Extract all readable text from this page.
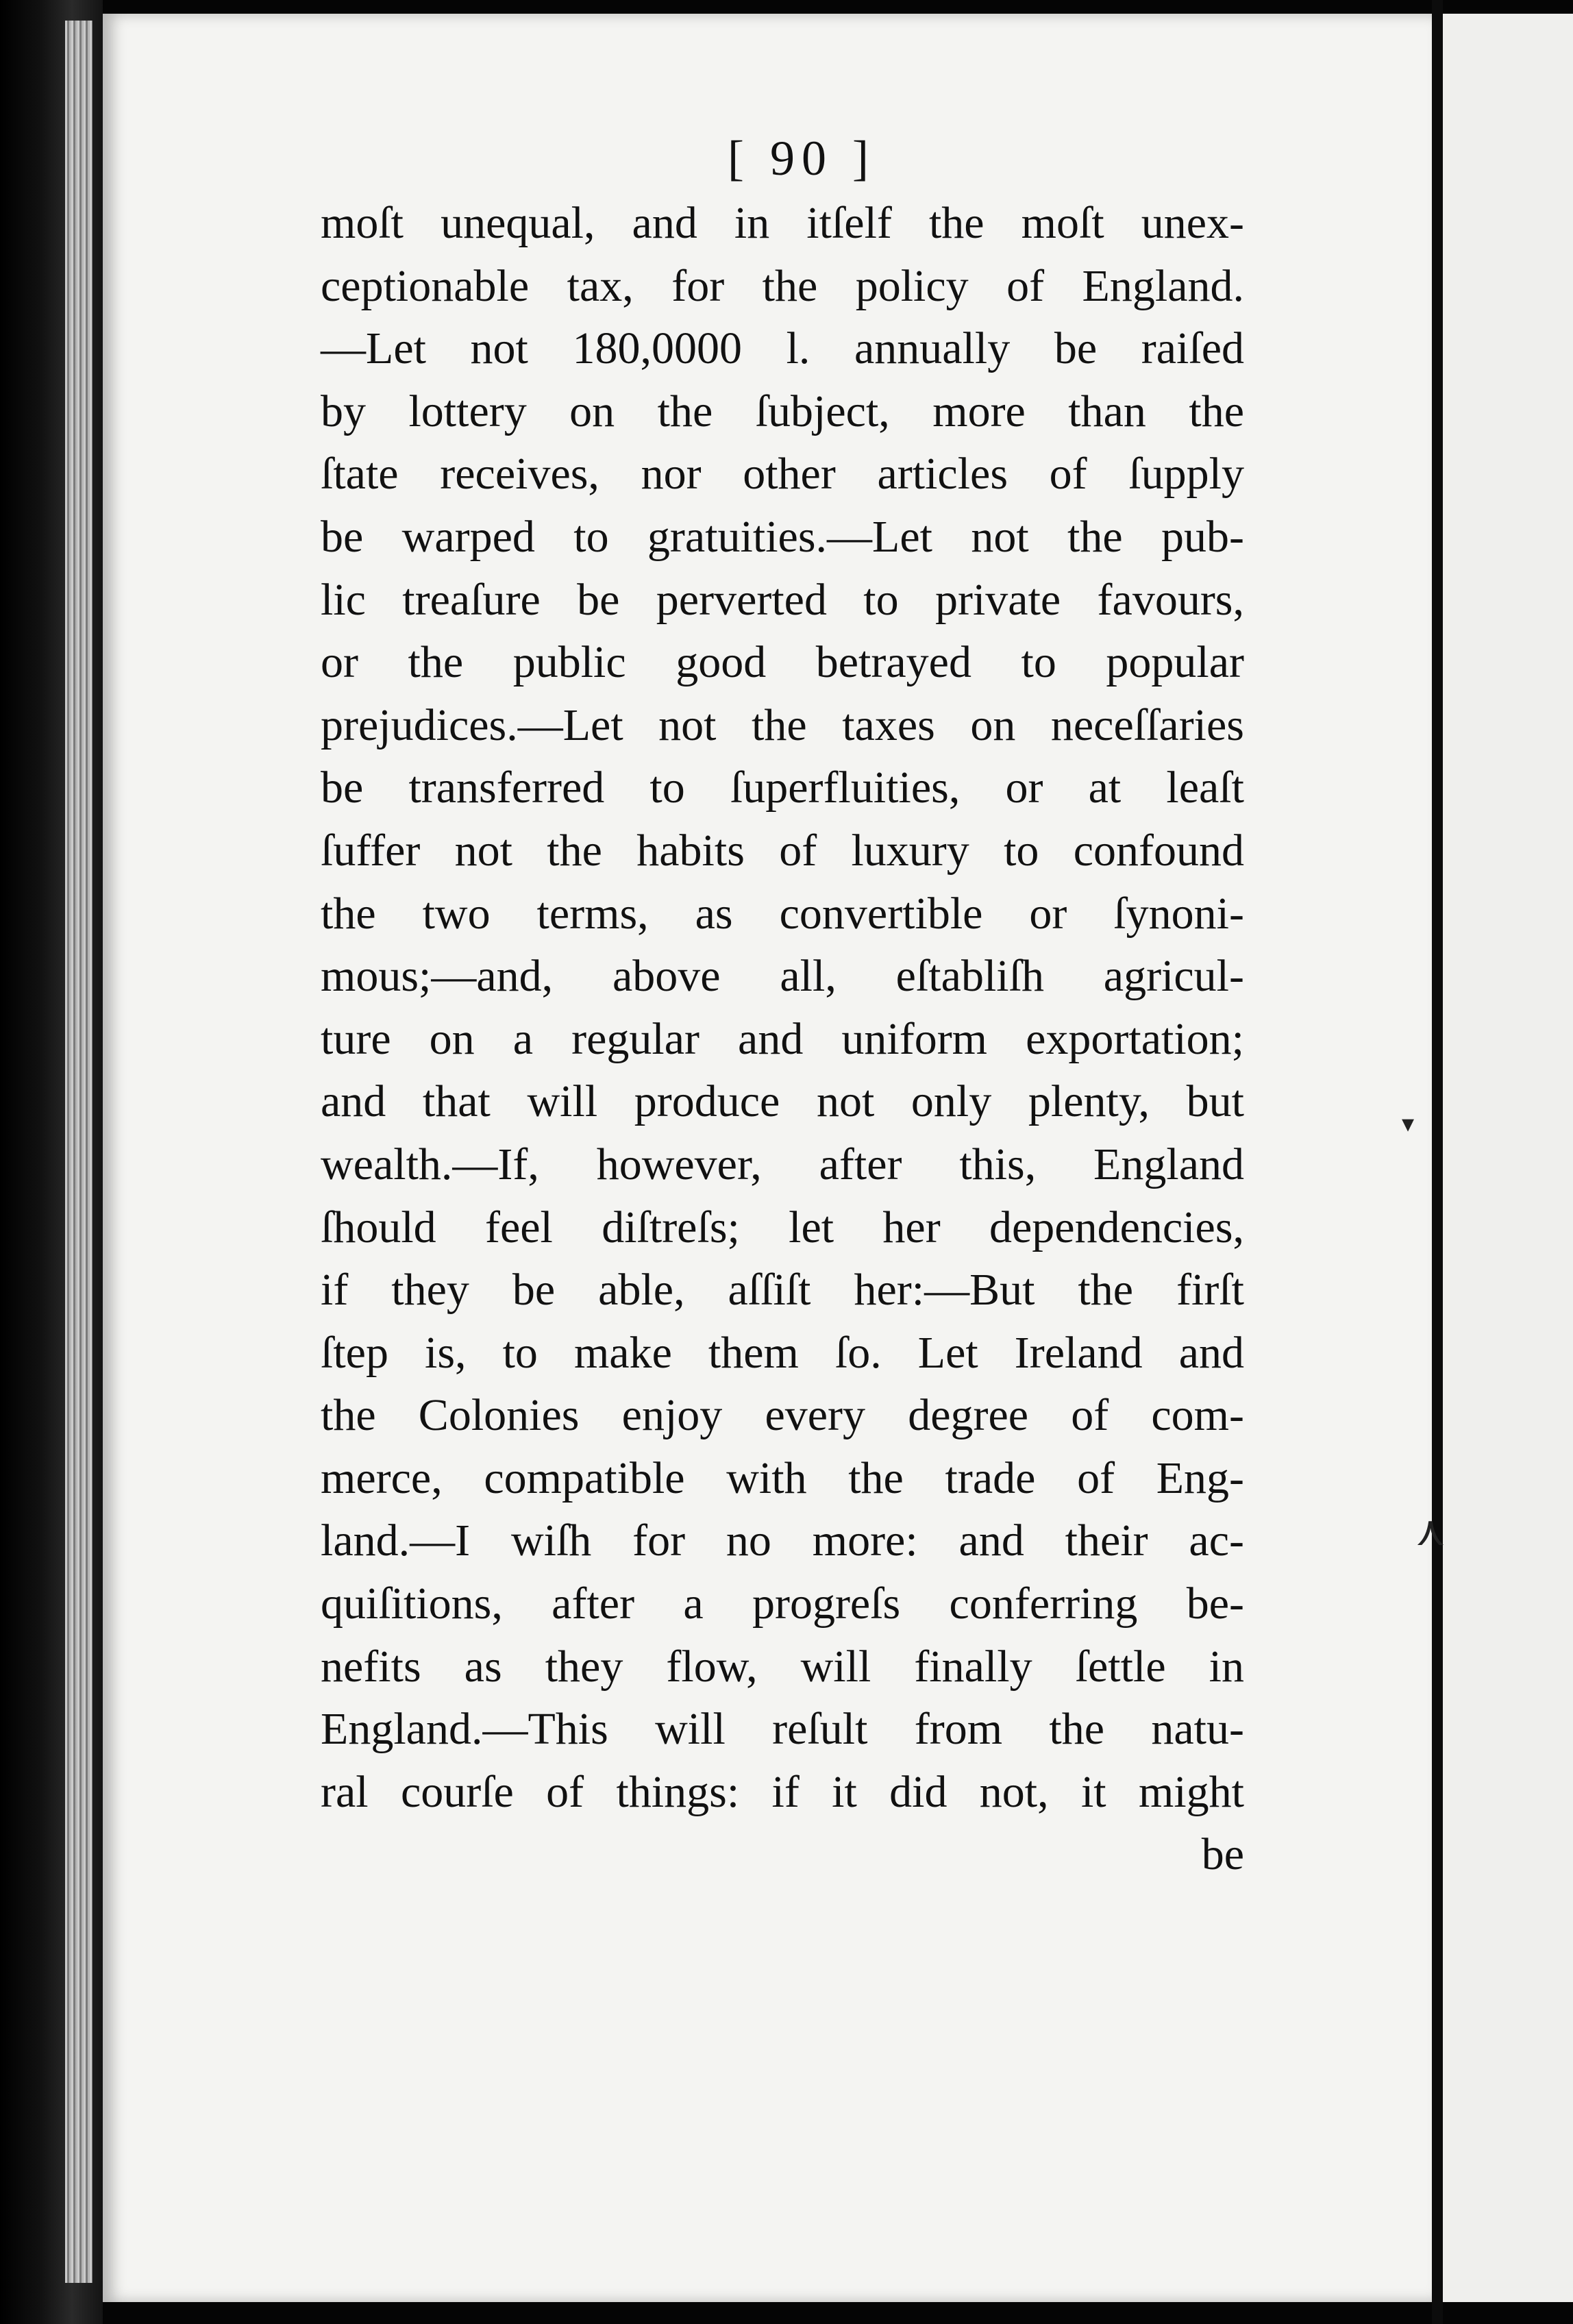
▾
⋏
[ 90 ]
moſt unequal, and in itſelf the moſt unex-
ceptionable tax, for the policy of England.
—Let not 180,0000 l. annually be raiſed
by lottery on the ſubject, more than the
ſtate receives, nor other articles of ſupply
be warped to gratuities.—Let not the pub-
lic treaſure be perverted to private favours,
or the public good betrayed to popular
prejudices.—Let not the taxes on neceſſaries
be transferred to ſuperfluities, or at leaſt
ſuffer not the habits of luxury to confound
the two terms, as convertible or ſynoni-
mous;—and, above all, eſtabliſh agricul-
ture on a regular and uniform exportation;
and that will produce not only plenty, but
wealth.—If, however, after this, England
ſhould feel diſtreſs; let her dependencies,
if they be able, aſſiſt her:—But the firſt
ſtep is, to make them ſo. Let Ireland and
the Colonies enjoy every degree of com-
merce, compatible with the trade of Eng-
land.—I wiſh for no more: and their ac-
quiſitions, after a progreſs conferring be-
nefits as they flow, will finally ſettle in
England.—This will reſult from the natu-
ral courſe of things: if it did not, it might
be
